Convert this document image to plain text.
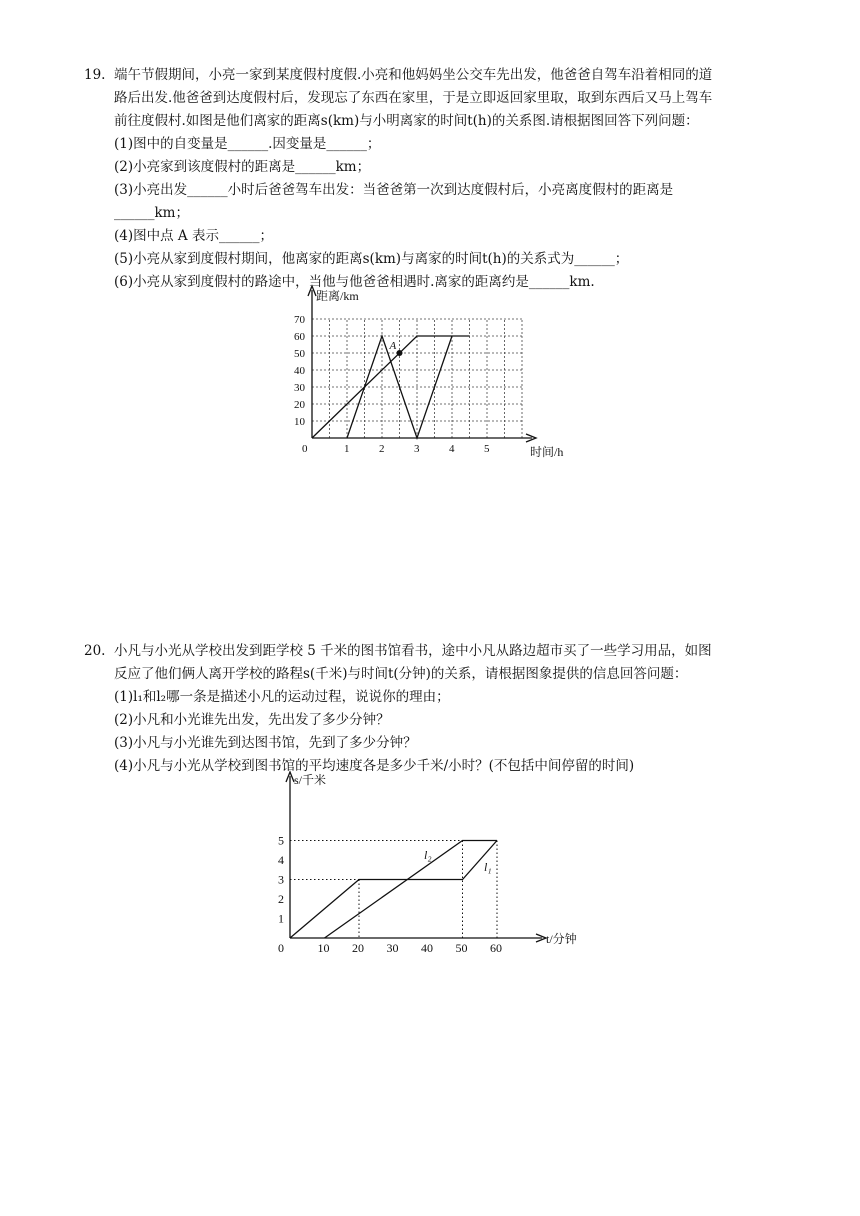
19. 端午节假期间，小亮一家到某度假村度假.小亮和他妈妈坐公交车先出发，他爸爸自驾车沿着相同的道
路后出发.他爸爸到达度假村后，发现忘了东西在家里，于是立即返回家里取，取到东西后又马上驾车
前往度假村.如图是他们离家的距离s(km)与小明离家的时间t(h)的关系图.请根据图回答下列问题：
(1)图中的自变量是______.因变量是______；
(2)小亮家到该度假村的距离是______km；
(3)小亮出发______小时后爸爸驾车出发：当爸爸第一次到达度假村后，小亮离度假村的距离是
______km；
(4)图中点 A 表示______；
(5)小亮从家到度假村期间，他离家的距离s(km)与离家的时间t(h)的关系式为______；
(6)小亮从家到度假村的路途中，当他与他爸爸相遇时.离家的距离约是______km.
0	1	2	3	4	5
10
20
30
40
50
60
70
A
距离/km
时间/h
20. 小凡与小光从学校出发到距学校 5 千米的图书馆看书，途中小凡从路边超市买了一些学习用品，如图
反应了他们俩人离开学校的路程s(千米)与时间t(分钟)的关系，请根据图象提供的信息回答问题：
(1)l₁和l₂哪一条是描述小凡的运动过程，说说你的理由；
(2)小凡和小光谁先出发，先出发了多少分钟？
(3)小凡与小光谁先到达图书馆，先到了多少分钟？
(4)小凡与小光从学校到图书馆的平均速度各是多少千米/小时？(不包括中间停留的时间)
0	10 20 30 40 50 60
1
2
3
4
5
l₂
l₁
s/千米
t/分钟
